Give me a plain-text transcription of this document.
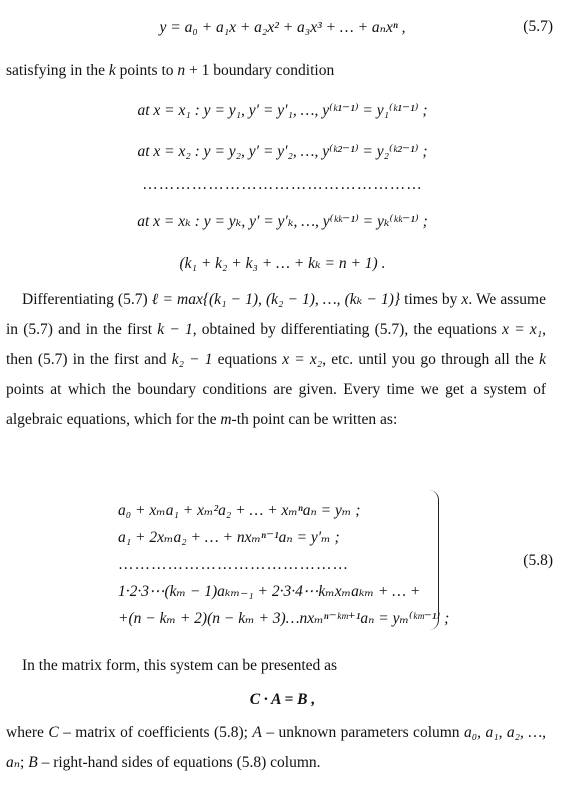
y = a₀ + a₁x + a₂x² + a₃x³ + … + aₙxⁿ ,	(5.7)
satisfying in the k points to n + 1 boundary condition
at x = x₁ : y = y₁, y′ = y′₁, …, y⁽ᵏ¹⁻¹⁾ = y₁⁽ᵏ¹⁻¹⁾ ;
at x = x₂ : y = y₂, y′ = y′₂, …, y⁽ᵏ²⁻¹⁾ = y₂⁽ᵏ²⁻¹⁾ ;
……………………………………………
at x = xₖ : y = yₖ, y′ = y′ₖ, …, y⁽ᵏᵏ⁻¹⁾ = yₖ⁽ᵏᵏ⁻¹⁾ ;
(k₁ + k₂ + k₃ + … + kₖ = n + 1) .

Differentiating (5.7) ℓ = max{(k₁ − 1), (k₂ − 1), …, (kₖ − 1)} times by x. We assume in (5.7) and in the first k − 1, obtained by differentiating (5.7), the equations x = x₁, then (5.7) in the first and k₂ − 1 equations x = x₂, etc. until you go through all the k points at which the boundary conditions are given. Every time we get a system of algebraic equations, which for the m-th point can be written as:

a₀ + xₘa₁ + xₘ²a₂ + … + xₘⁿaₙ = yₘ ;
a₁ + 2xₘa₂ + … + nxₘⁿ⁻¹aₙ = y′ₘ ;
……………………………………
1·2·3⋯(kₘ − 1)aₖₘ₋₁ + 2·3·4⋯kₘxₘaₖₘ + … +
+(n − kₘ + 2)(n − kₘ + 3)…nxₘⁿ⁻ᵏᵐ⁺¹aₙ = yₘ⁽ᵏᵐ⁻¹⁾ ;
(5.8)
In the matrix form, this system can be presented as
C · A = B ,

where C – matrix of coefficients (5.8); A – unknown parameters column a₀, a₁, a₂, …, aₙ; B – right-hand sides of equations (5.8) column.
